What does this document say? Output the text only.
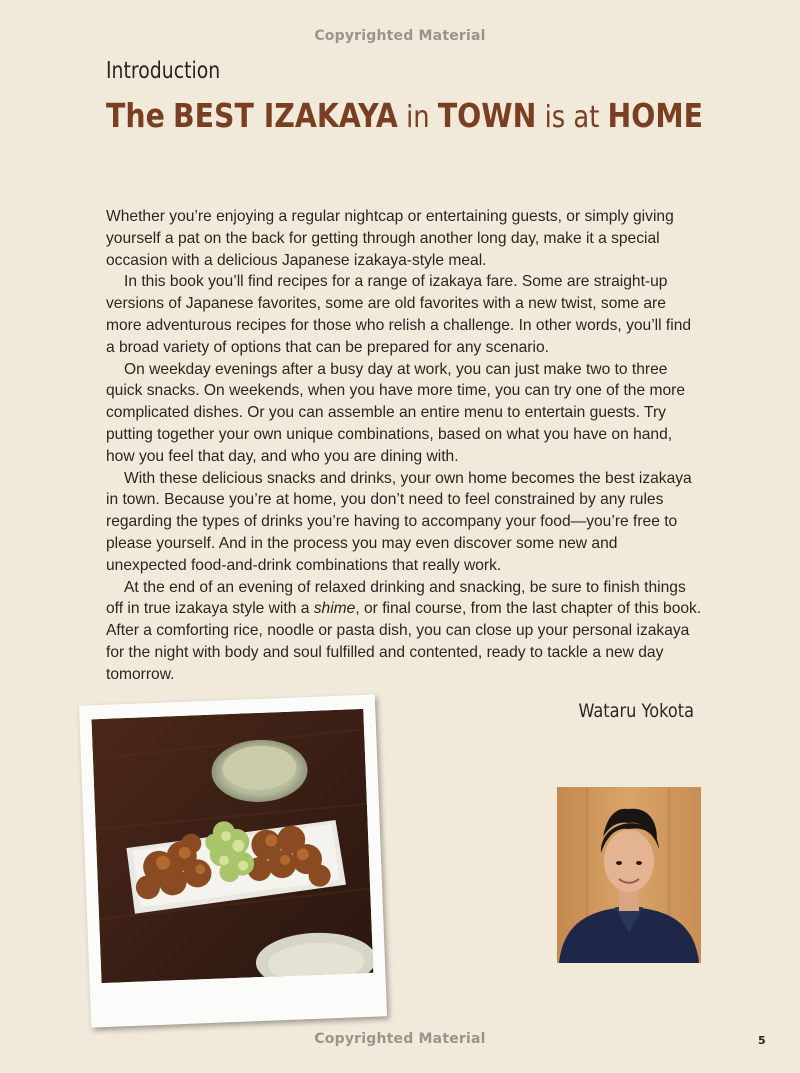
Copyrighted Material
Introduction
The BEST IZAKAYA in TOWN is at HOME

Whether you’re enjoying a regular nightcap or entertaining guests, or simply giving yourself a pat on the back for getting through another long day, make it a special occasion with a delicious Japanese izakaya-style meal.

In this book you’ll find recipes for a range of izakaya fare. Some are straight-up versions of Japanese favorites, some are old favorites with a new twist, some are more adventurous recipes for those who relish a challenge. In other words, you’ll find a broad variety of options that can be prepared for any scenario.

On weekday evenings after a busy day at work, you can just make two to three quick snacks. On weekends, when you have more time, you can try one of the more complicated dishes. Or you can assemble an entire menu to entertain guests. Try putting together your own unique combinations, based on what you have on hand, how you feel that day, and who you are dining with.

With these delicious snacks and drinks, your own home becomes the best izakaya in town. Because you’re at home, you don’t need to feel constrained by any rules regarding the types of drinks you’re having to accompany your food—you’re free to please yourself. And in the process you may even discover some new and unexpected food-and-drink combinations that really work.

At the end of an evening of relaxed drinking and snacking, be sure to finish things off in true izakaya style with a shime, or final course, from the last chapter of this book. After a comforting rice, noodle or pasta dish, you can close up your personal izakaya for the night with body and soul fulfilled and contented, ready to tackle a new day tomorrow.

Wataru Yokota
Copyrighted Material	5
